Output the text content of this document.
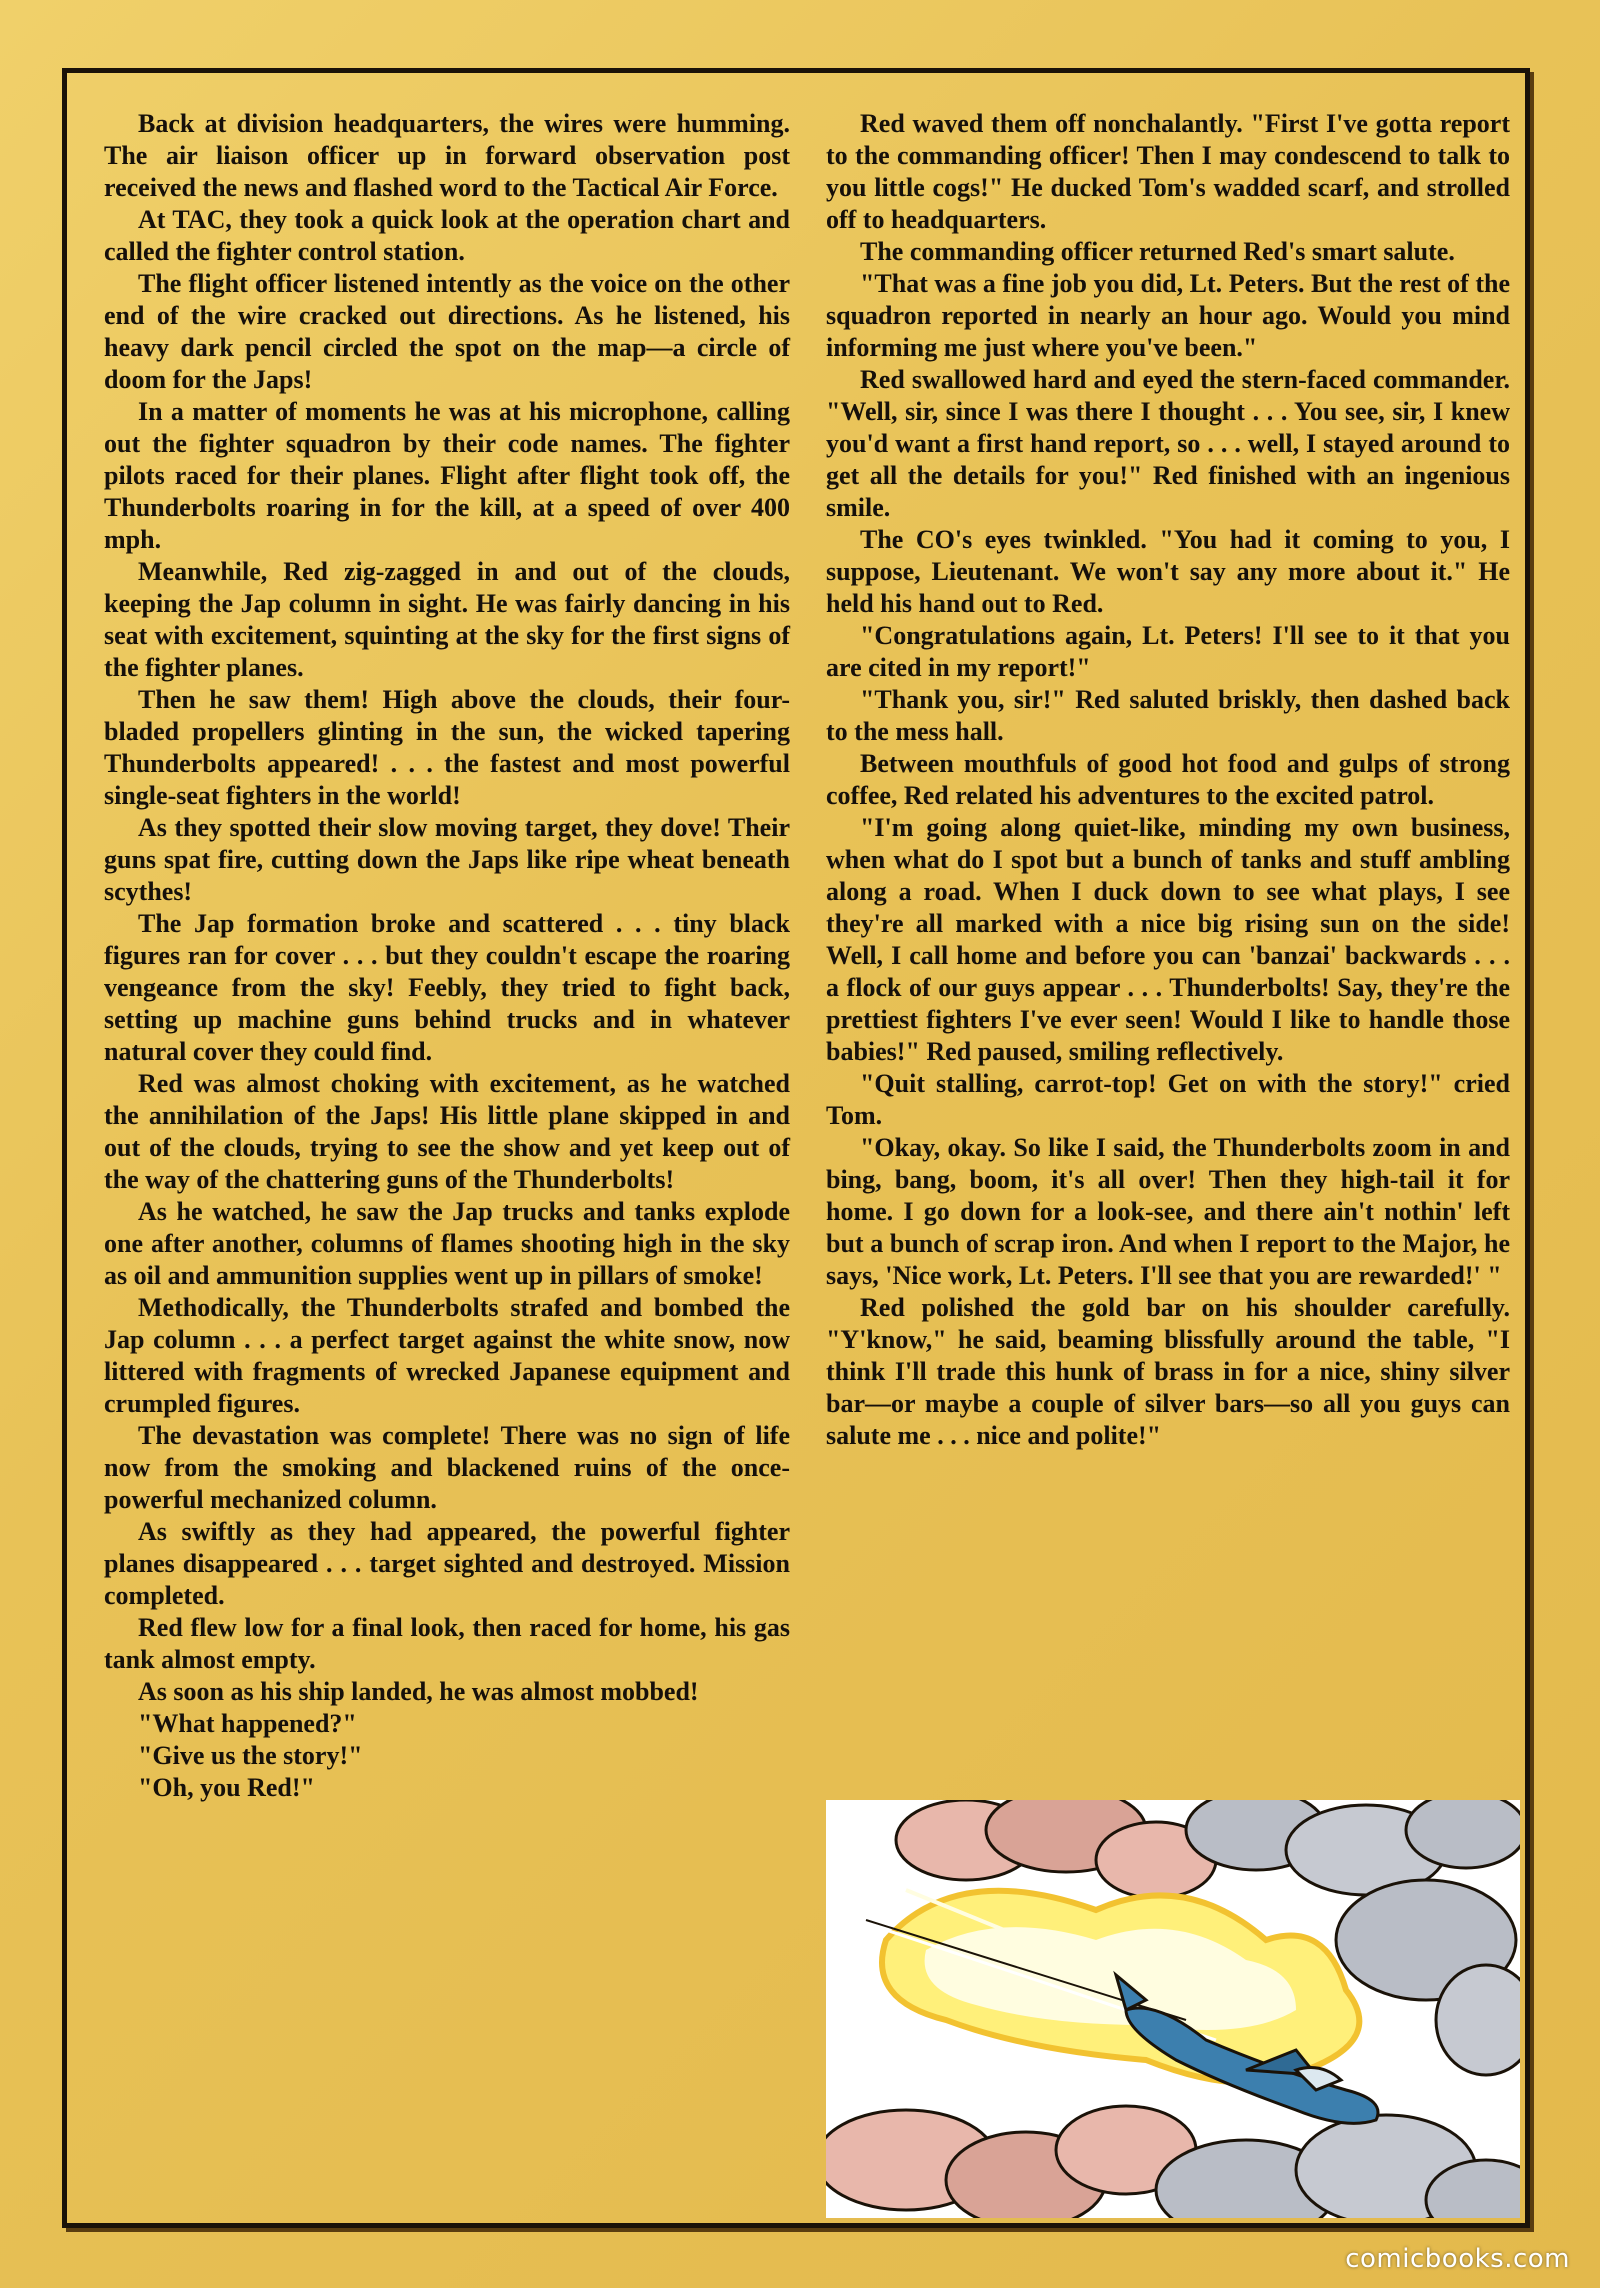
Back at division headquarters, the wires were humming. The air liaison officer up in forward observation post received the news and flashed word to the Tactical Air Force.

At TAC, they took a quick look at the operation chart and called the fighter control station.

The flight officer listened intently as the voice on the other end of the wire cracked out directions. As he listened, his heavy dark pencil circled the spot on the map—a circle of doom for the Japs!

In a matter of moments he was at his microphone, calling out the fighter squadron by their code names. The fighter pilots raced for their planes. Flight after flight took off, the Thunderbolts roaring in for the kill, at a speed of over 400 mph.

Meanwhile, Red zig-zagged in and out of the clouds, keeping the Jap column in sight. He was fairly dancing in his seat with excitement, squinting at the sky for the first signs of the fighter planes.

Then he saw them! High above the clouds, their four-bladed propellers glinting in the sun, the wicked tapering Thunderbolts appeared! . . . the fastest and most powerful single-seat fighters in the world!

As they spotted their slow moving target, they dove! Their guns spat fire, cutting down the Japs like ripe wheat beneath scythes!

The Jap formation broke and scattered . . . tiny black figures ran for cover . . . but they couldn't escape the roaring vengeance from the sky! Feebly, they tried to fight back, setting up machine guns behind trucks and in whatever natural cover they could find.

Red was almost choking with excitement, as he watched the annihilation of the Japs! His little plane skipped in and out of the clouds, trying to see the show and yet keep out of the way of the chattering guns of the Thunderbolts!

As he watched, he saw the Jap trucks and tanks explode one after another, columns of flames shooting high in the sky as oil and ammunition supplies went up in pillars of smoke!

Methodically, the Thunderbolts strafed and bombed the Jap column . . . a perfect target against the white snow, now littered with fragments of wrecked Japanese equipment and crumpled figures.

The devastation was complete! There was no sign of life now from the smoking and blackened ruins of the once-powerful mechanized column.

As swiftly as they had appeared, the powerful fighter planes disappeared . . . target sighted and destroyed. Mission completed.

Red flew low for a final look, then raced for home, his gas tank almost empty.

As soon as his ship landed, he was almost mobbed!

"What happened?"

"Give us the story!"

"Oh, you Red!"

Red waved them off nonchalantly. "First I've gotta report to the commanding officer! Then I may condescend to talk to you little cogs!" He ducked Tom's wadded scarf, and strolled off to headquarters.

The commanding officer returned Red's smart salute.

"That was a fine job you did, Lt. Peters. But the rest of the squadron reported in nearly an hour ago. Would you mind informing me just where you've been."

Red swallowed hard and eyed the stern-faced commander. "Well, sir, since I was there I thought . . . You see, sir, I knew you'd want a first hand report, so . . . well, I stayed around to get all the details for you!" Red finished with an ingenious smile.

The CO's eyes twinkled. "You had it coming to you, I suppose, Lieutenant. We won't say any more about it." He held his hand out to Red.

"Congratulations again, Lt. Peters! I'll see to it that you are cited in my report!"

"Thank you, sir!" Red saluted briskly, then dashed back to the mess hall.

Between mouthfuls of good hot food and gulps of strong coffee, Red related his adventures to the excited patrol.

"I'm going along quiet-like, minding my own business, when what do I spot but a bunch of tanks and stuff ambling along a road. When I duck down to see what plays, I see they're all marked with a nice big rising sun on the side! Well, I call home and before you can 'banzai' backwards . . . a flock of our guys appear . . . Thunderbolts! Say, they're the prettiest fighters I've ever seen! Would I like to handle those babies!" Red paused, smiling reflectively.

"Quit stalling, carrot-top! Get on with the story!" cried Tom.

"Okay, okay. So like I said, the Thunderbolts zoom in and bing, bang, boom, it's all over! Then they high-tail it for home. I go down for a look-see, and there ain't nothin' left but a bunch of scrap iron. And when I report to the Major, he says, 'Nice work, Lt. Peters. I'll see that you are rewarded!' "

Red polished the gold bar on his shoulder carefully. "Y'know," he said, beaming blissfully around the table, "I think I'll trade this hunk of brass in for a nice, shiny silver bar—or maybe a couple of silver bars—so all you guys can salute me . . . nice and polite!"

comicbooks.com
